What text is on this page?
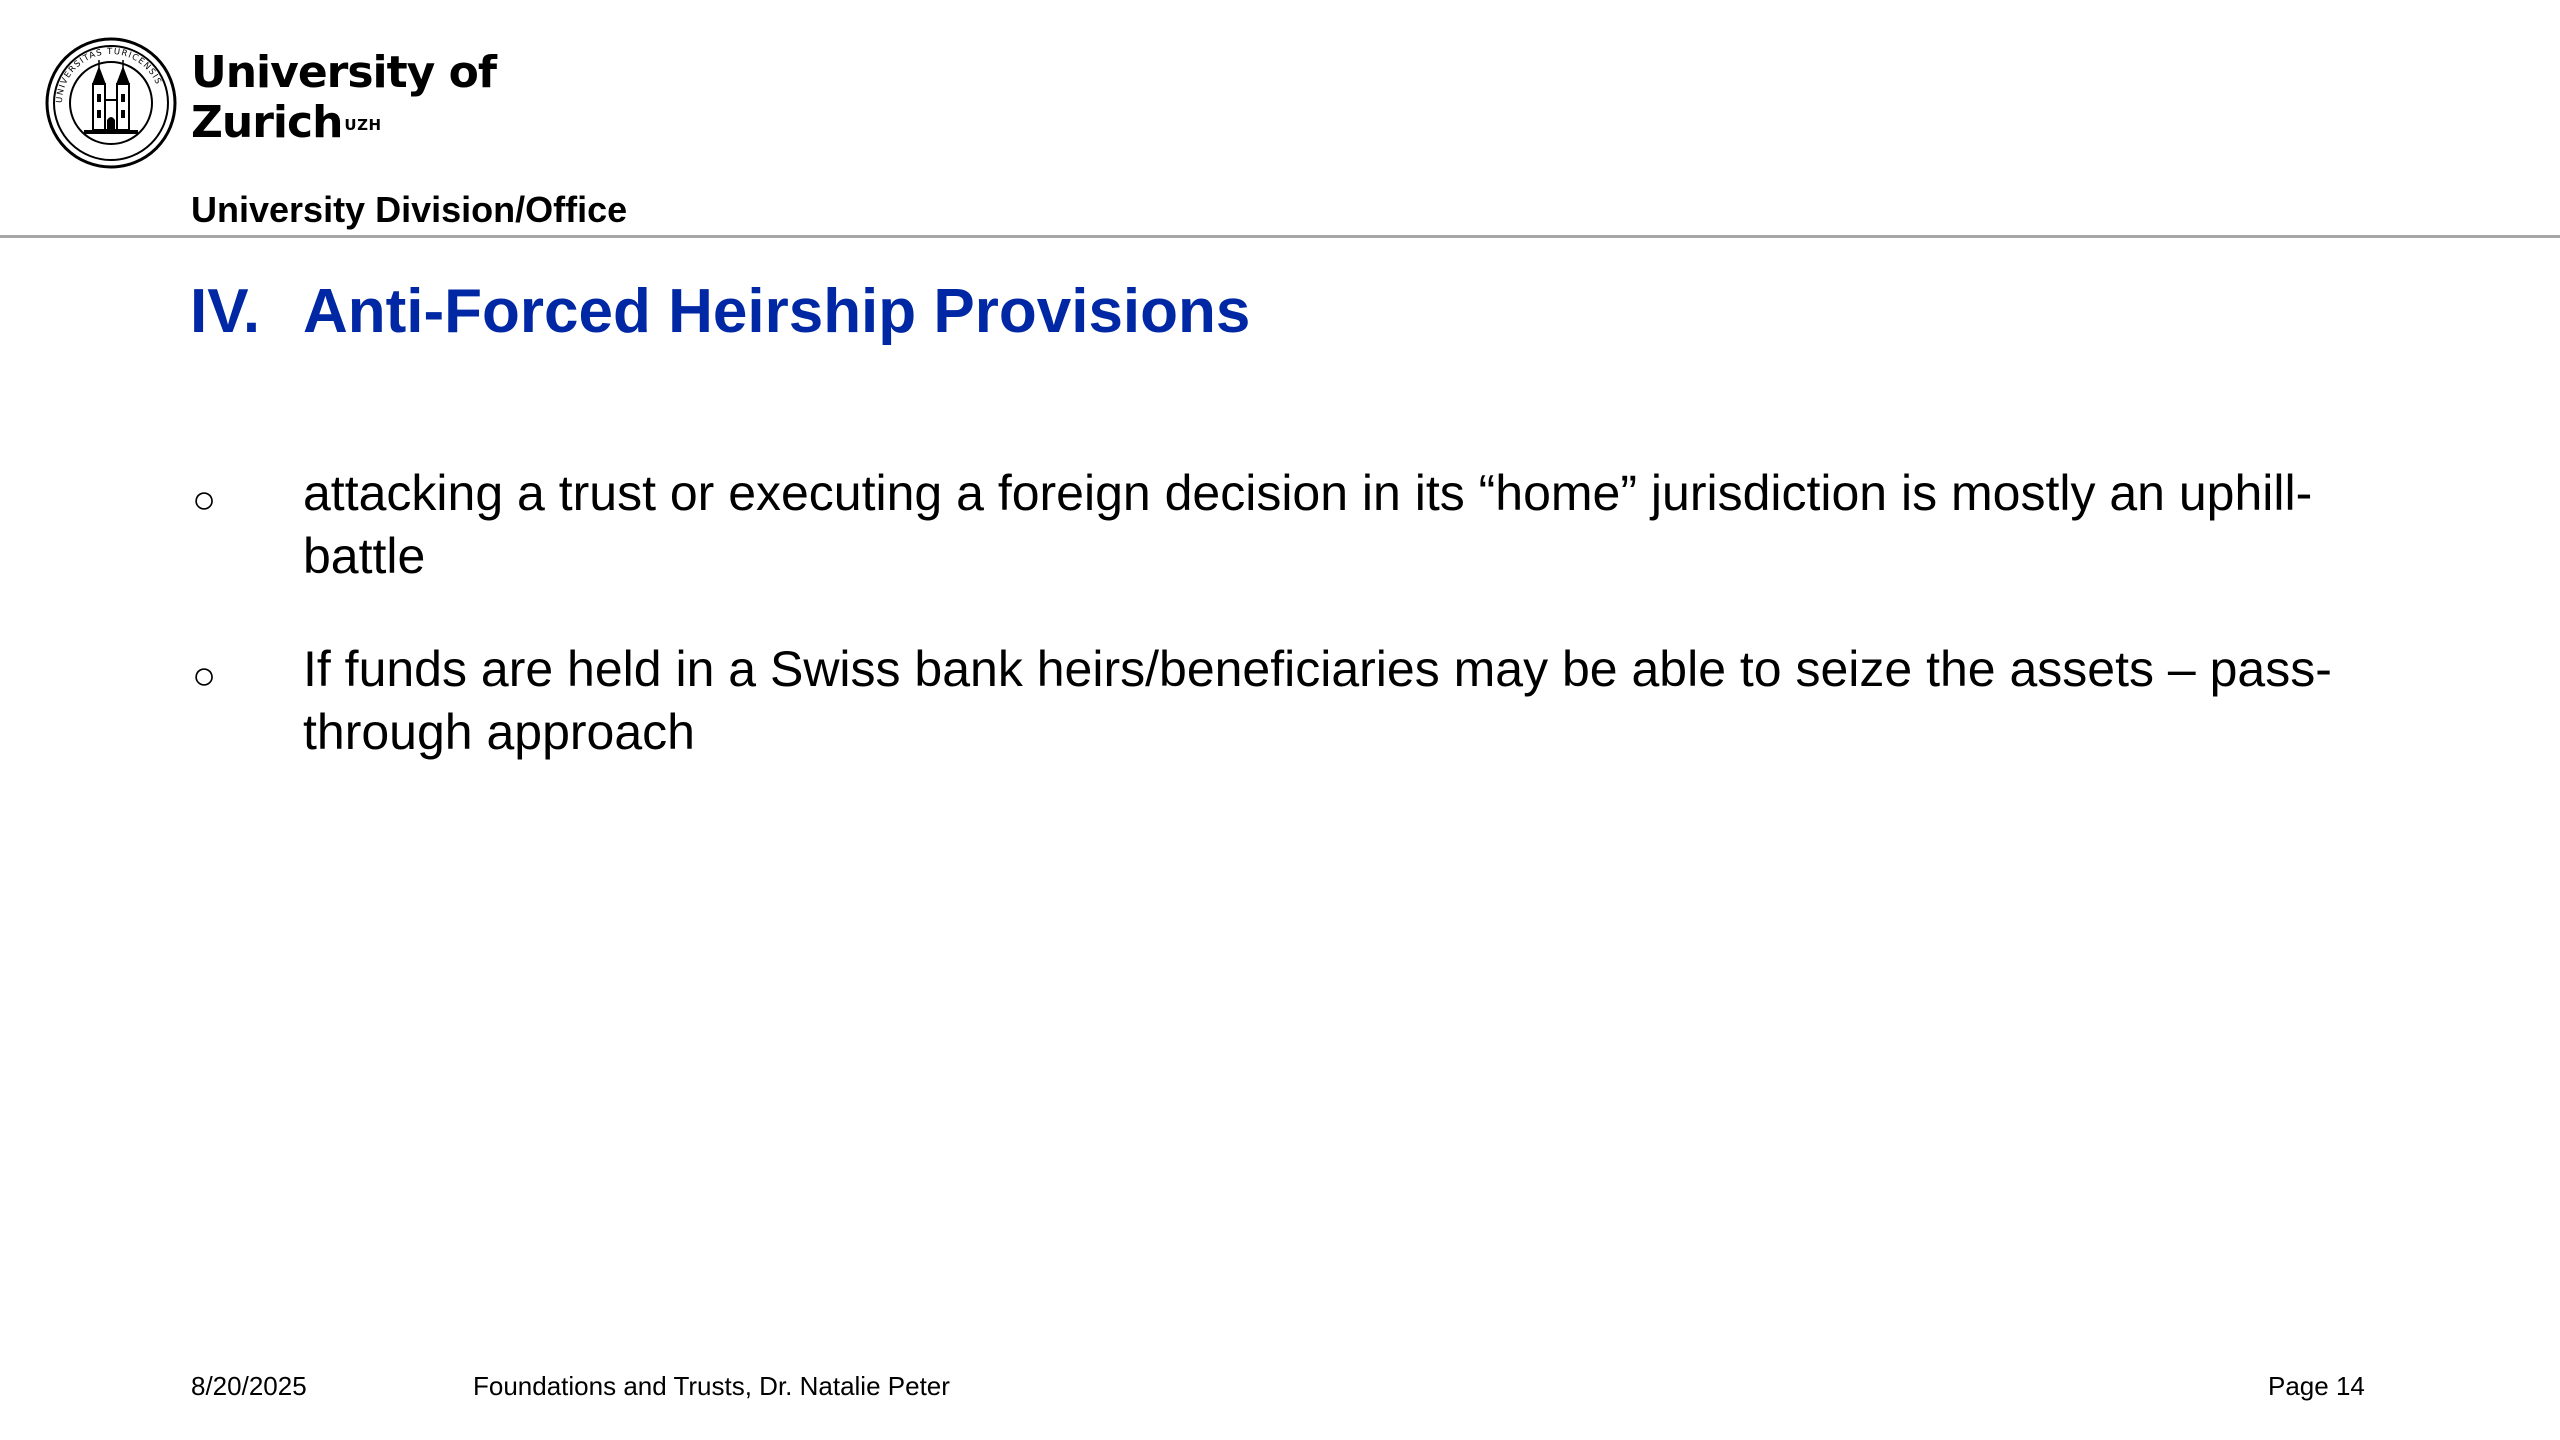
UNIVERSITAS TURICENSIS University of
Zurich $^{UZH}$
University Division/Office
IV. Anti-Forced Heirship Provisions
○ attacking a trust or executing a foreign decision in its “home” jurisdiction is mostly an uphill-battle
○ If funds are held in a Swiss bank heirs/beneficiaries may be able to seize the assets – pass-through approach
8/20/2025	Foundations and Trusts, Dr. Natalie Peter	Page 14
